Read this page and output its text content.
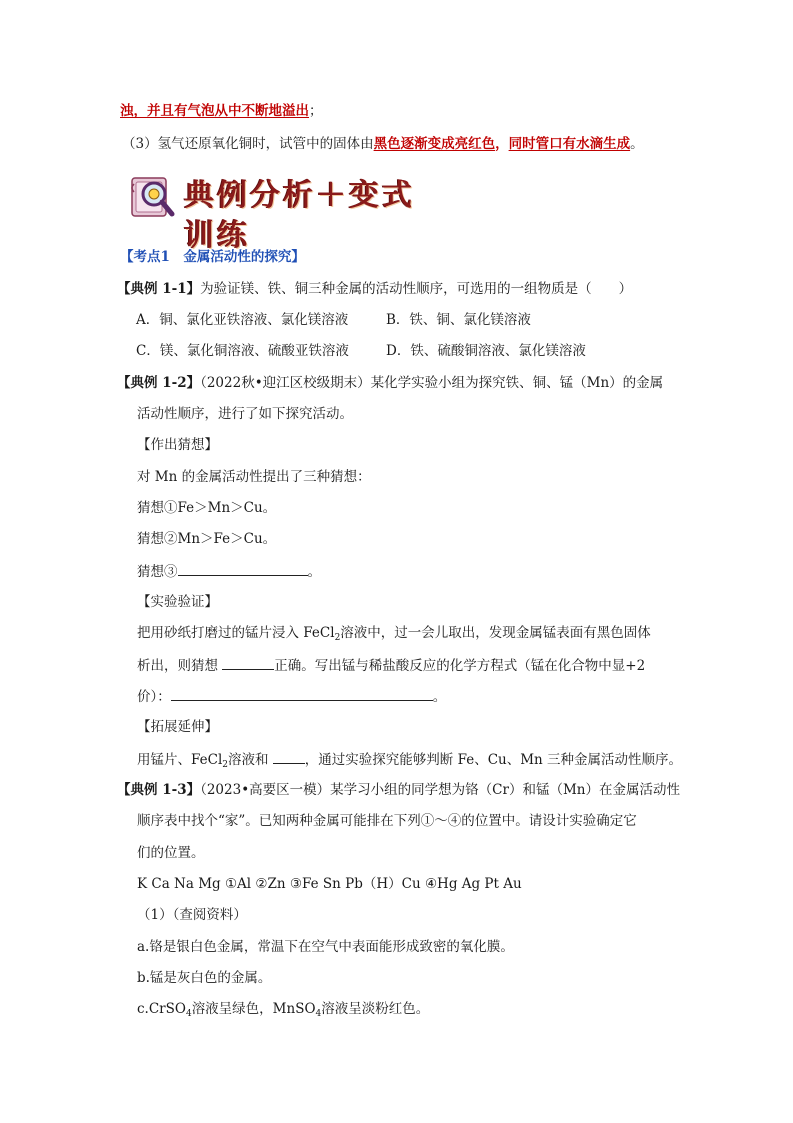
浊，并且有气泡从中不断地溢出；
（3）氢气还原氧化铜时，试管中的固体由黑色逐渐变成亮红色，同时管口有水滴生成。
典例分析＋变式训练
【考点1　金属活动性的探究】
【典例 1-1】为验证镁、铁、铜三种金属的活动性顺序，可选用的一组物质是（　　）
A．铜、氯化亚铁溶液、氯化镁溶液	B．铁、铜、氯化镁溶液
C．镁、氯化铜溶液、硫酸亚铁溶液	D．铁、硫酸铜溶液、氯化镁溶液
【典例 1-2】（2022秋•迎江区校级期末）某化学实验小组为探究铁、铜、锰（Mn）的金属
活动性顺序，进行了如下探究活动。
【作出猜想】
对 Mn 的金属活动性提出了三种猜想：
猜想①Fe＞Mn＞Cu。
猜想②Mn＞Fe＞Cu。
猜想③	。
【实验验证】
把用砂纸打磨过的锰片浸入 FeCl$_2$溶液中，过一会儿取出，发现金属锰表面有黑色固体
析出，则猜想	正确。写出锰与稀盐酸反应的化学方程式（锰在化合物中显+2
价）：	。
【拓展延伸】
用锰片、FeCl$_2$溶液和 ，通过实验探究能够判断 Fe、Cu、Mn 三种金属活动性顺序。
【典例 1-3】（2023•高要区一模）某学习小组的同学想为铬（Cr）和锰（Mn）在金属活动性
顺序表中找个“家”。已知两种金属可能排在下列①～④的位置中。请设计实验确定它
们的位置。
K Ca Na Mg ①Al ②Zn ③Fe Sn Pb（H）Cu ④Hg Ag Pt Au
（1）（查阅资料）
a.铬是银白色金属，常温下在空气中表面能形成致密的氧化膜。
b.锰是灰白色的金属。
c.CrSO$_4$溶液呈绿色，MnSO$_4$溶液呈淡粉红色。
